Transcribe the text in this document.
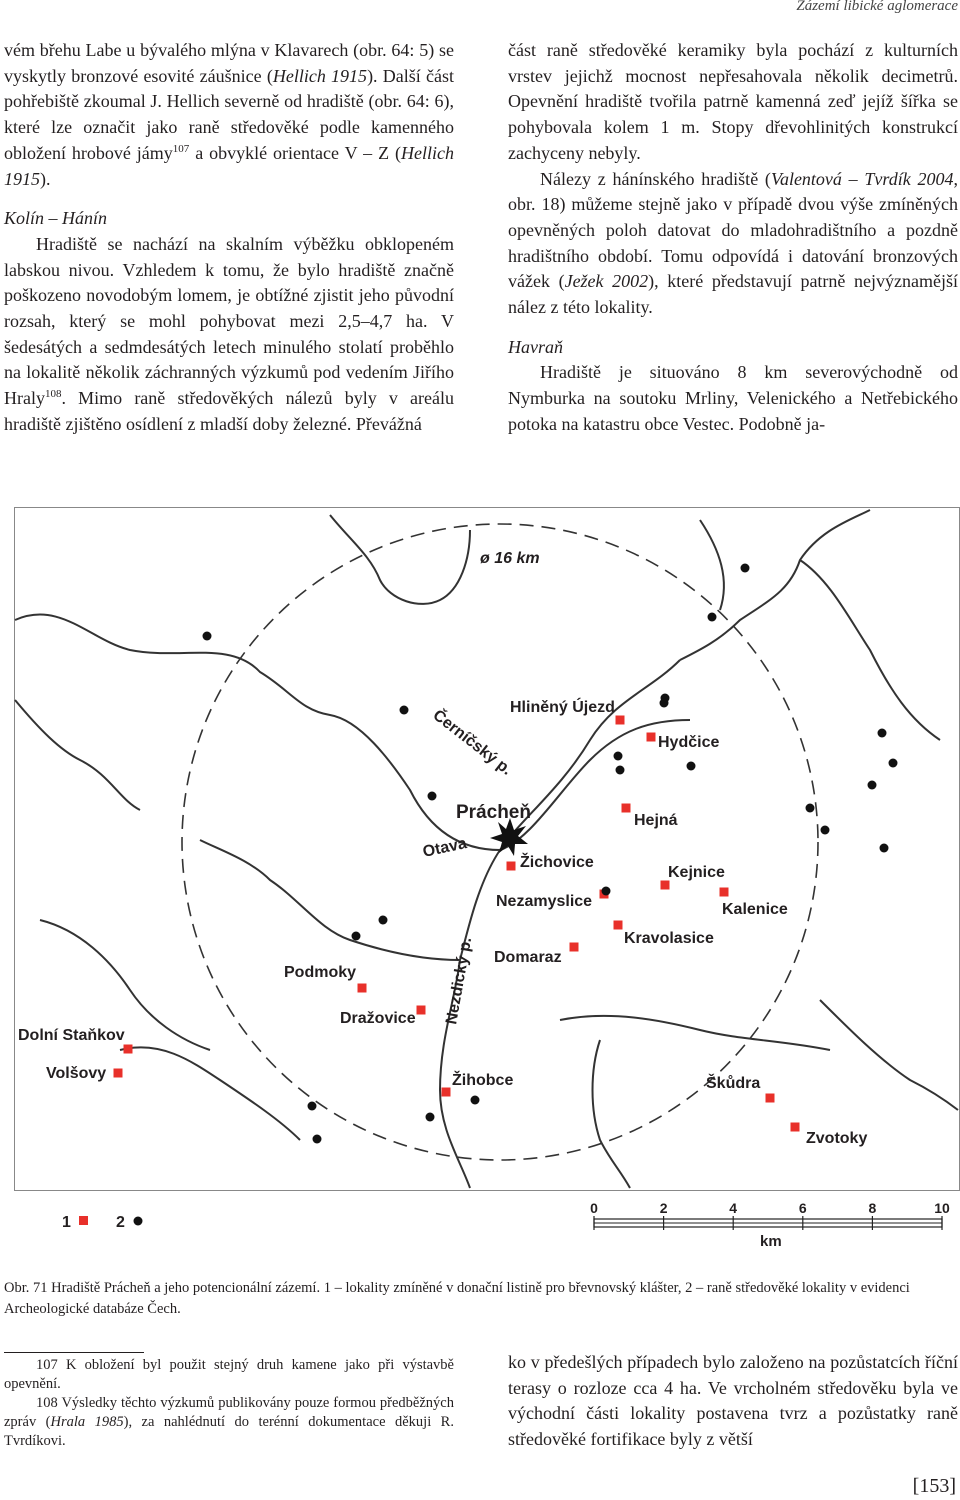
Zázemí libické aglomerace

vém břehu Labe u bývalého mlýna v Klavarech (obr. 64: 5) se vyskytly bronzové esovité záušnice (Hellich 1915). Další část pohřebiště zkoumal J. Hellich severně od hradiště (obr. 64: 6), které lze označit jako raně středověké podle kamenného obložení hrobové jámy$^{107}$ a obvyklé orientace V – Z (Hellich 1915).

Kolín – Hánín

Hradiště se nachází na skalním výběžku obklopeném labskou nivou. Vzhledem k tomu, že bylo hradiště značně poškozeno novodobým lomem, je obtížné zjistit jeho původní rozsah, který se mohl pohybovat mezi 2,5–4,7 ha. V šedesátých a sedmdesátých letech minulého stolatí proběhlo na lokalitě několik záchranných výzkumů pod vedením Jiřího Hraly$^{108}$. Mimo raně středověkých nálezů byly v areálu hradiště zjištěno osídlení z mladší doby železné. Převážná

část raně středověké keramiky byla pochází z kulturních vrstev jejichž mocnost nepřesahovala několik decimetrů. Opevnění hradiště tvořila patrně kamenná zeď jejíž šířka se pohybovala kolem 1 m. Stopy dřevohlinitých konstrukcí zachyceny nebyly.

Nálezy z hánínského hradiště (Valentová – Tvrdík 2004, obr. 18) můžeme stejně jako v případě dvou výše zmíněných opevněných poloh datovat do mladohradištního a pozdně hradištního období. Tomu odpovídá i datování bronzových vážek (Ježek 2002), které představují patrně nejvýznamější nález z této lokality.

Havraň

Hradiště je situováno 8 km severovýchodně od Nymburka na soutoku Mrliny, Velenického a Netřebického potoka na katastru obce Vestec. Podobně ja-

ø 16 km
Prácheň
Otava
Černíčský p.
Nezdický p.
Hliněný Újezd
Hydčice
Hejná
Žichovice
Kejnice
Nezamyslice	Kalenice
Kravolasice
Domaraz
Podmoky
Dražovice
Dolní Staňkov
Volšovy	Žihobce	Škůdra
Zvotoky
1	2
0	2	4	6	8	10
km
Obr. 71 Hradiště Prácheň a jeho potencionální zázemí. 1 – lokality zmíněné v donační listině pro břevnovský klášter, 2 – raně středověké lokality v evidenci Archeologické databáze Čech.

107 K obložení byl použit stejný druh kamene jako při výstavbě opevnění.

108 Výsledky těchto výzkumů publikovány pouze formou předběžných zpráv (Hrala 1985), za nahlédnutí do terénní dokumentace děkuji R. Tvrdíkovi.

ko v předešlých případech bylo založeno na pozůstatcích říční terasy o rozloze cca 4 ha. Ve vrcholném středověku byla ve východní části lokality postavena tvrz a pozůstatky raně středověké fortifikace byly z větší

[153]
